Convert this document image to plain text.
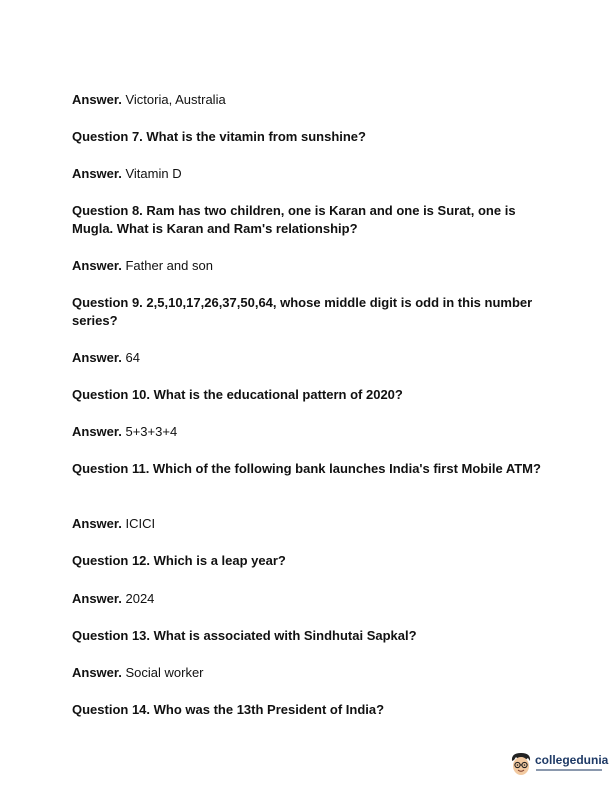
Answer. Victoria, Australia
Question 7. What is the vitamin from sunshine?
Answer. Vitamin D
Question 8. Ram has two children, one is Karan and one is Surat, one is Mugla. What is Karan and Ram's relationship?
Answer. Father and son
Question 9. 2,5,10,17,26,37,50,64, whose middle digit is odd in this number series?
Answer. 64
Question 10. What is the educational pattern of 2020?
Answer. 5+3+3+4
Question 11. Which of the following bank launches India's first Mobile ATM?
Answer. ICICI
Question 12. Which is a leap year?
Answer. 2024
Question 13. What is associated with Sindhutai Sapkal?
Answer. Social worker
Question 14. Who was the 13th President of India?
collegedunia
